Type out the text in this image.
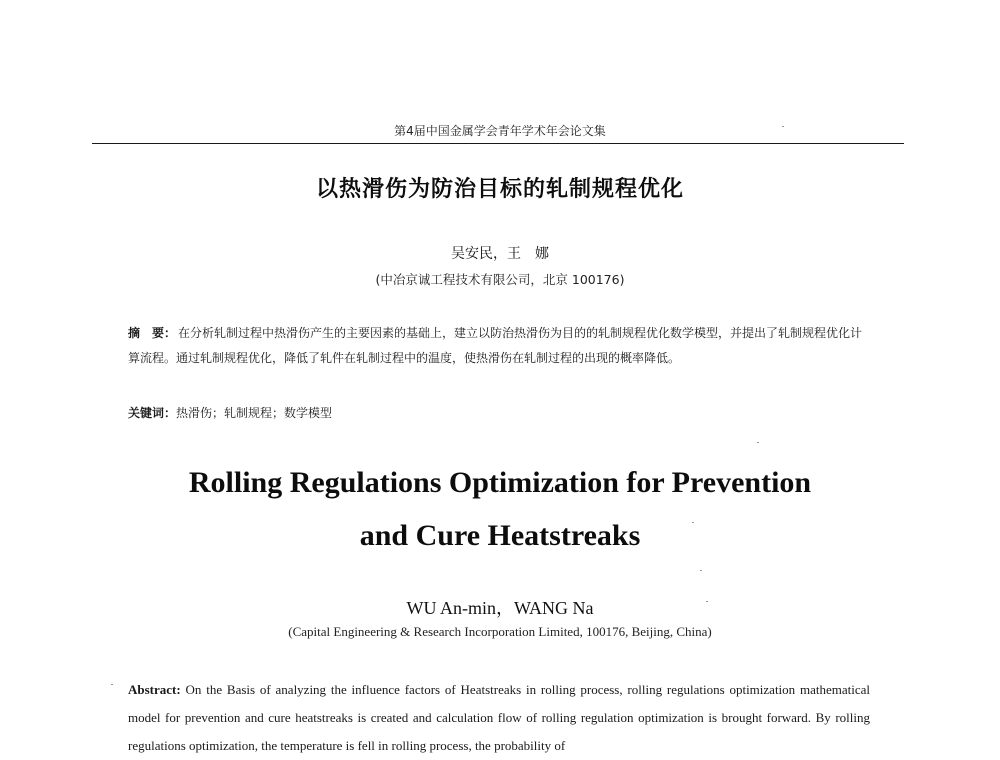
第4届中国金属学会青年学术年会论文集
以热滑伤为防治目标的轧制规程优化
吴安民，王　娜
(中冶京诚工程技术有限公司，北京 100176)
摘　要： 在分析轧制过程中热滑伤产生的主要因素的基础上，建立以防治热滑伤为目的的轧制规程优化数学模型，并提出了轧制规程优化计算流程。通过轧制规程优化，降低了轧件在轧制过程中的温度，使热滑伤在轧制过程的出现的概率降低。
关键词：热滑伤；轧制规程；数学模型
Rolling Regulations Optimization for Prevention
and Cure Heatstreaks
WU An-min，WANG Na
(Capital Engineering & Research Incorporation Limited, 100176, Beijing, China)
Abstract: On the Basis of analyzing the influence factors of Heatstreaks in rolling process, rolling regulations optimization mathematical model for prevention and cure heatstreaks is created and calculation flow of rolling regulation optimization is brought forward. By rolling regulations optimization, the temperature is fell in rolling process, the probability of
